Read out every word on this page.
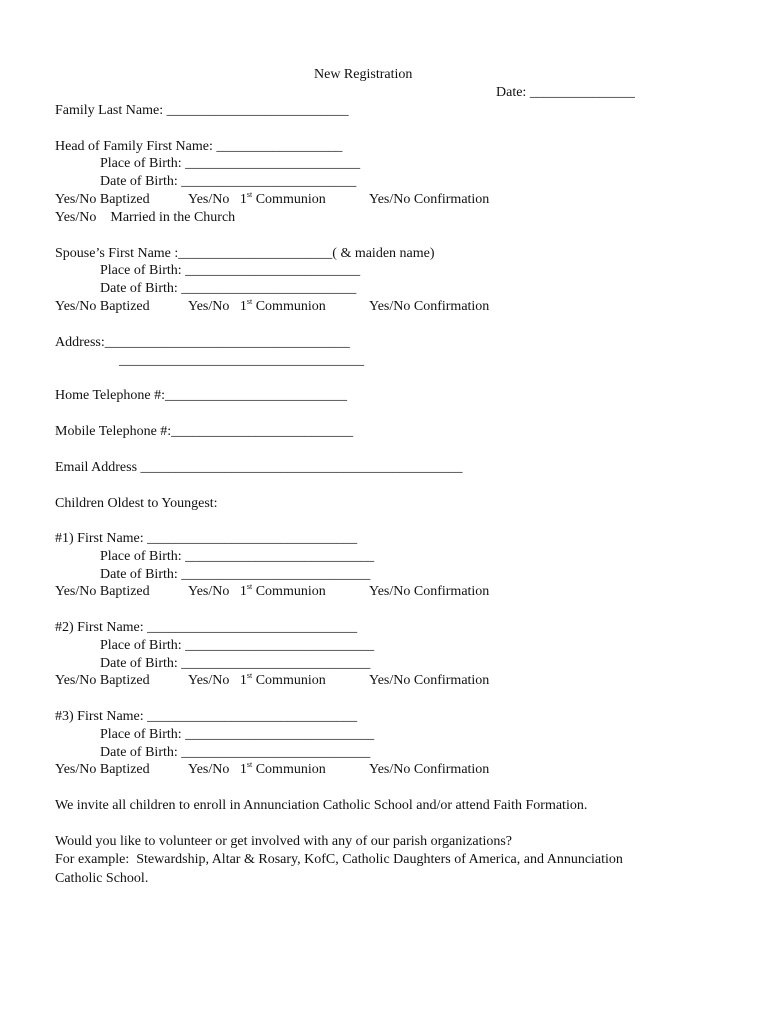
New Registration
Date: _______________
Family Last Name: __________________________
Head of Family First Name: __________________
Place of Birth: _________________________
Date of Birth: _________________________
Yes/No Baptized	Yes/No   1st Communion	Yes/No Confirmation
Yes/No    Married in the Church
Spouse’s First Name :______________________( & maiden name)
Place of Birth: _________________________
Date of Birth: _________________________
Yes/No Baptized	Yes/No   1st Communion	Yes/No Confirmation
Address:___________________________________
___________________________________
Home Telephone #:__________________________
Mobile Telephone #:__________________________
Email Address ______________________________________________
Children Oldest to Youngest:
#1) First Name: ______________________________
Place of Birth: ___________________________
Date of Birth: ___________________________
Yes/No Baptized	Yes/No   1st Communion	Yes/No Confirmation
#2) First Name: ______________________________
Place of Birth: ___________________________
Date of Birth: ___________________________
Yes/No Baptized	Yes/No   1st Communion	Yes/No Confirmation
#3) First Name: ______________________________
Place of Birth: ___________________________
Date of Birth: ___________________________
Yes/No Baptized	Yes/No   1st Communion	Yes/No Confirmation
We invite all children to enroll in Annunciation Catholic School and/or attend Faith Formation.
Would you like to volunteer or get involved with any of our parish organizations?
For example:  Stewardship, Altar & Rosary, KofC, Catholic Daughters of America, and Annunciation
Catholic School.
